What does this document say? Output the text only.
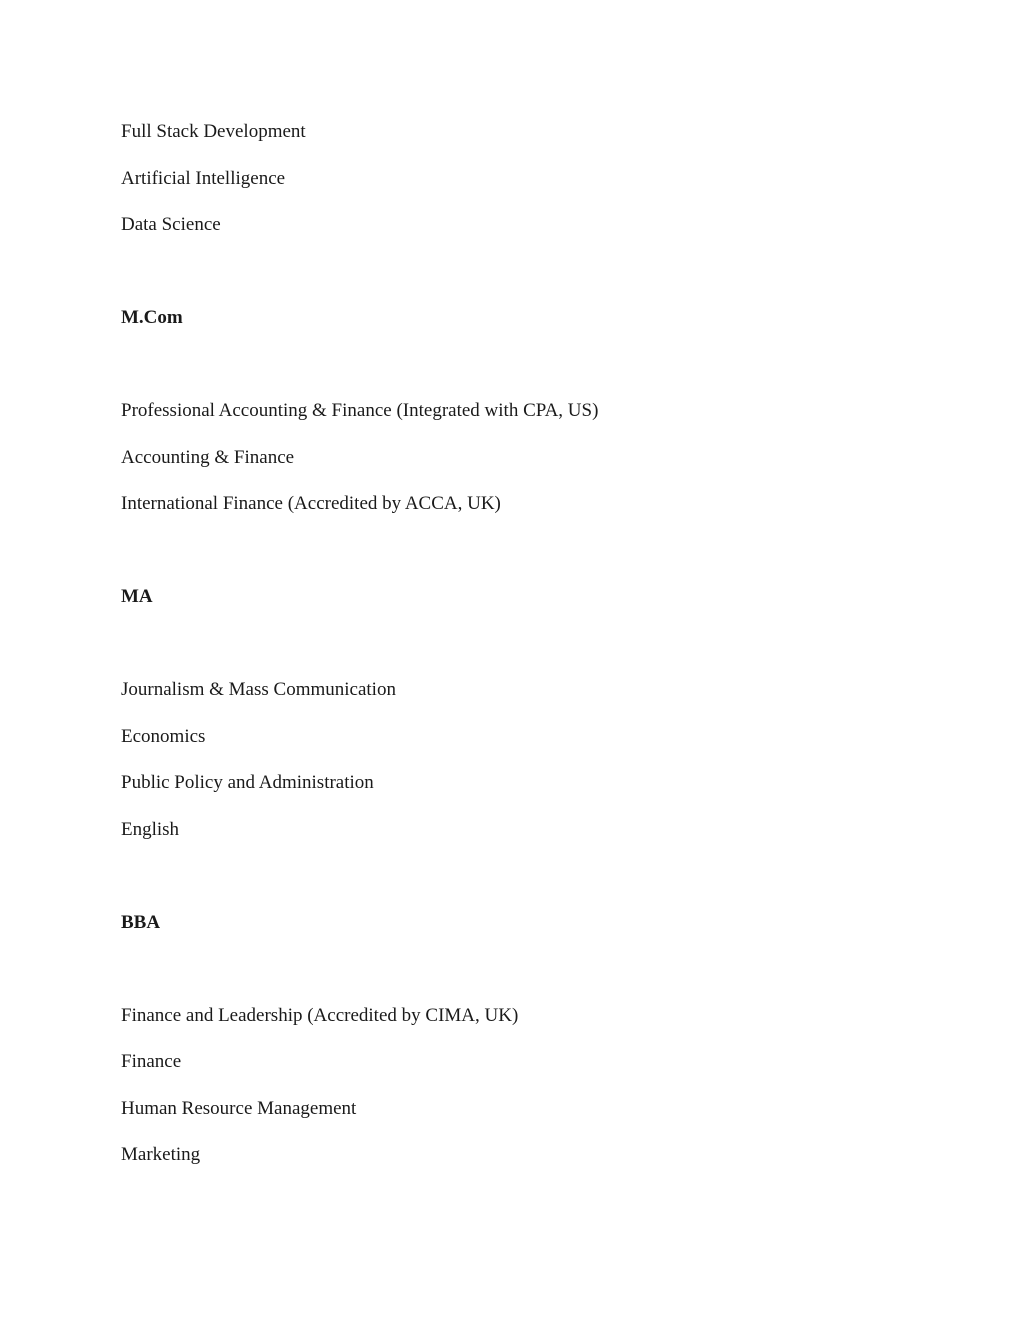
Full Stack Development
Artificial Intelligence
Data Science
M.Com
Professional Accounting & Finance (Integrated with CPA, US)
Accounting & Finance
International Finance (Accredited by ACCA, UK)
MA
Journalism & Mass Communication
Economics
Public Policy and Administration
English
BBA
Finance and Leadership (Accredited by CIMA, UK)
Finance
Human Resource Management
Marketing
